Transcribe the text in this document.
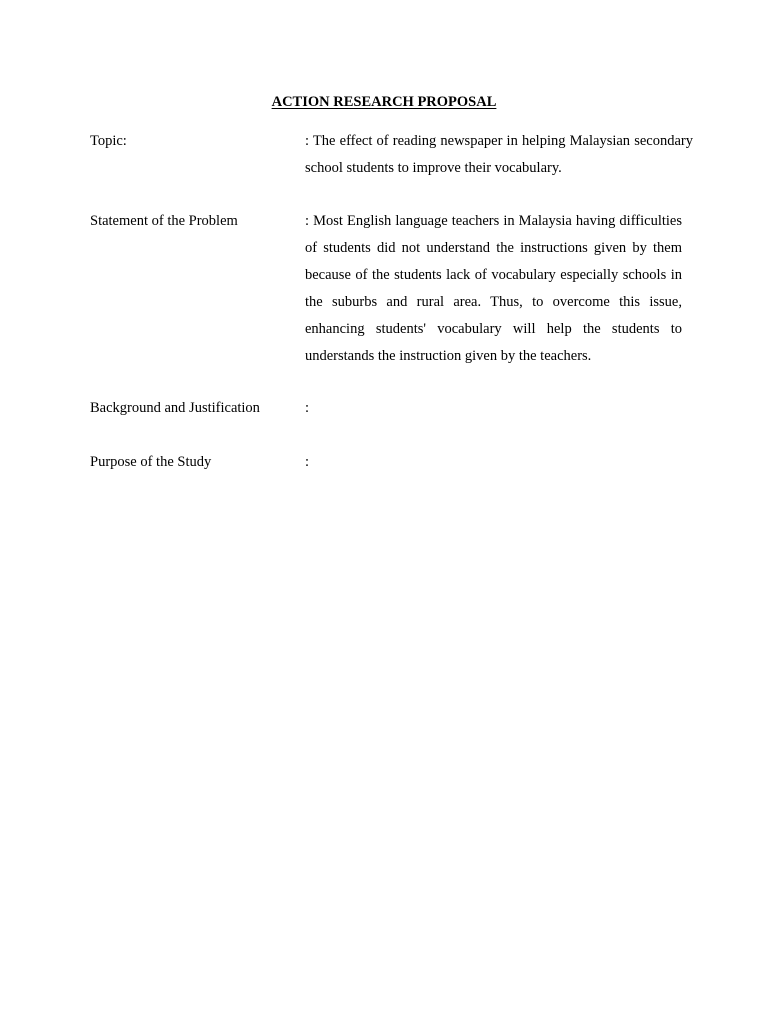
ACTION RESEARCH PROPOSAL
Topic:	: The effect of reading newspaper in helping Malaysian secondary school students to improve their vocabulary.
Statement of the Problem	: Most English language teachers in Malaysia having difficulties of students did not understand the instructions given by them because of the students lack of vocabulary especially schools in the suburbs and rural area. Thus, to overcome this issue, enhancing students' vocabulary will help the students to understands the instruction given by the teachers.
Background and Justification	:
Purpose of the Study	:
